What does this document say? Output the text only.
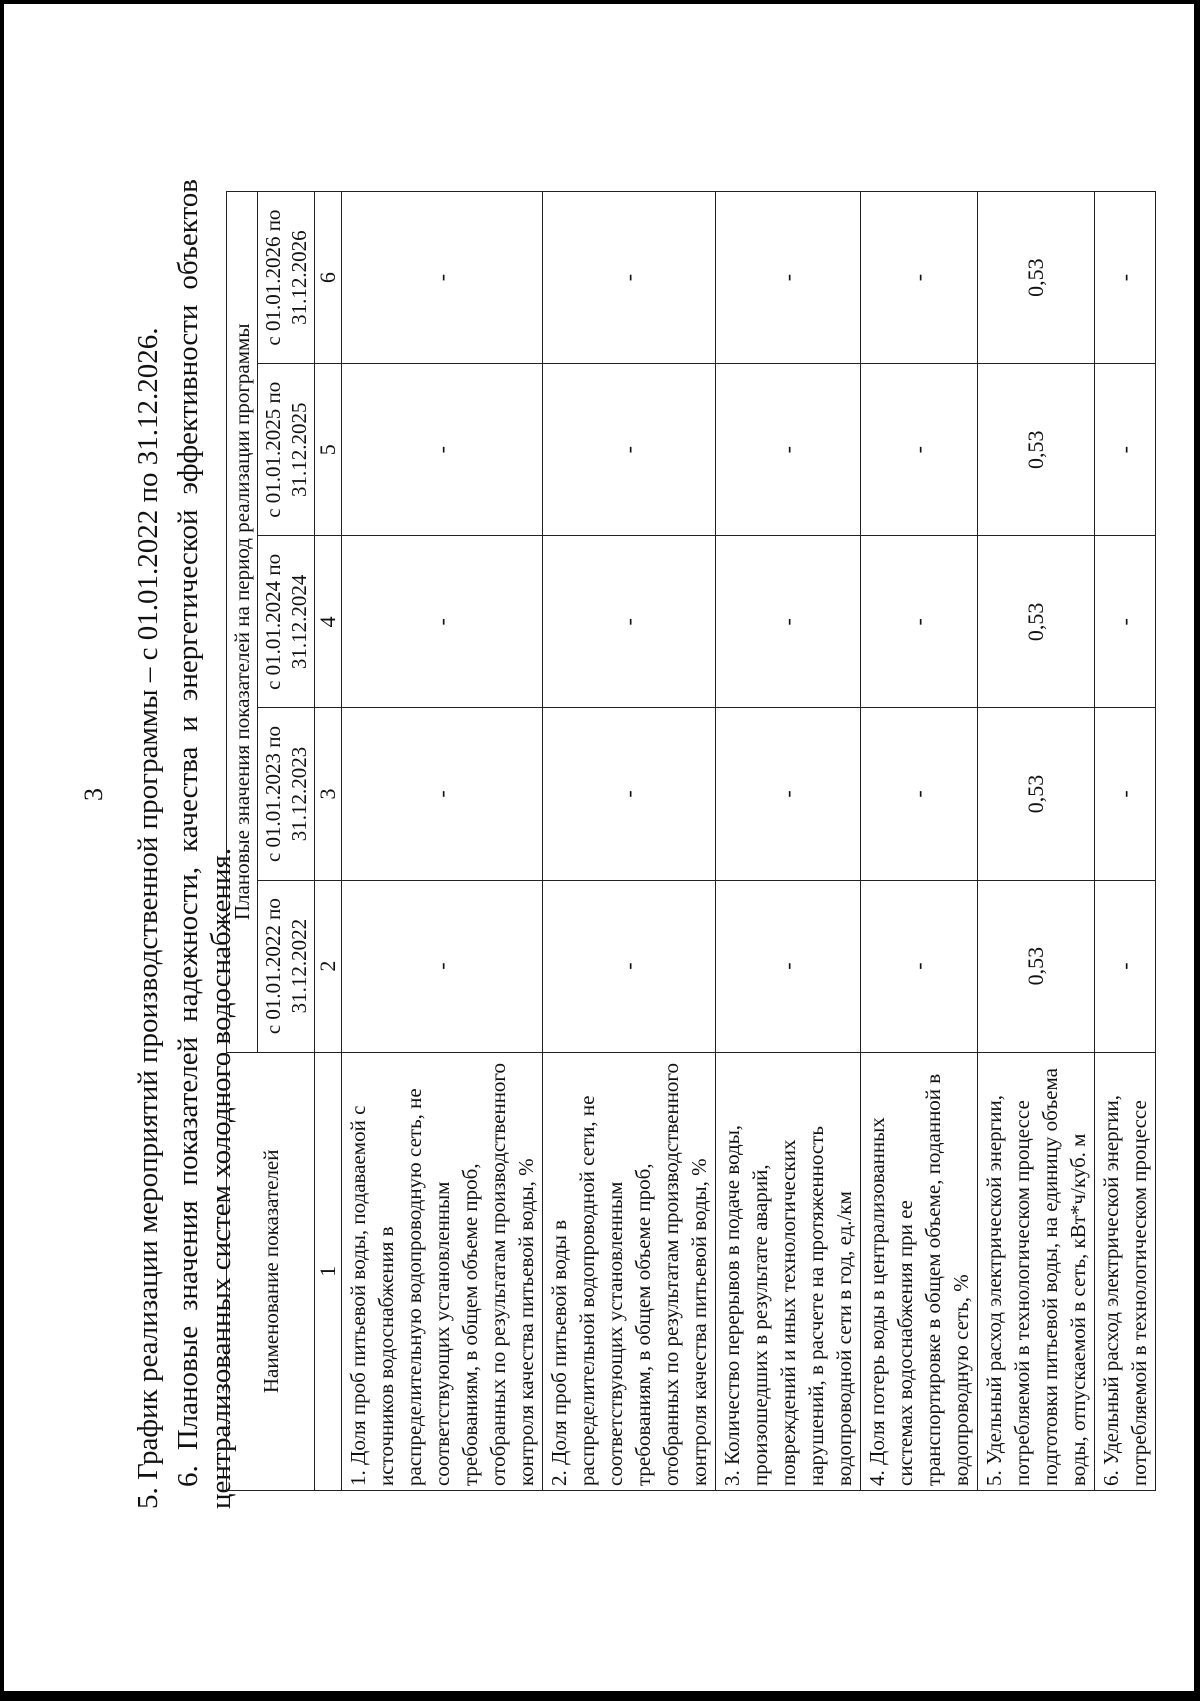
3 5. График реализации мероприятий производственной программы – с 01.01.2022 по 31.12.2026. 6. Плановые значения показателей надежности, качества и энергетической эффективности объектов централизованных систем холодного водоснабжения. Наименование показателей	Плановые значения показателей на период реализации программы				
	с 01.01.2022 по 31.12.2022	с 01.01.2023 по 31.12.2023	с 01.01.2024 по 31.12.2024	с 01.01.2025 по 31.12.2025	с 01.01.2026 по 31.12.2026
1	2	3	4	5	6
1. Доля проб питьевой воды, подаваемой с источников водоснабжения в распределительную водопроводную сеть, не соответствующих установленным требованиям, в общем объеме проб, отобранных по результатам производственного контроля качества питьевой воды, %	-	-	-	-	-
2. Доля проб питьевой воды в распределительной водопроводной сети, не соответствующих установленным требованиям, в общем объеме проб, отобранных по результатам производственного контроля качества питьевой воды, %	-	-	-	-	-
3. Количество перерывов в подаче воды, произошедших в результате аварий, повреждений и иных технологических нарушений, в расчете на протяженность водопроводной сети в год, ед./км	-	-	-	-	-
4. Доля потерь воды в централизованных системах водоснабжения при ее транспортировке в общем объеме, поданной в водопроводную сеть, %	-	-	-	-	-
5. Удельный расход электрической энергии, потребляемой в технологическом процессе подготовки питьевой воды, на единицу объема воды, отпускаемой в сеть, кВт*ч/куб. м	0,53	0,53	0,53	0,53	0,53
6. Удельный расход электрической энергии, потребляемой в технологическом процессе	-	-	-	-	-
